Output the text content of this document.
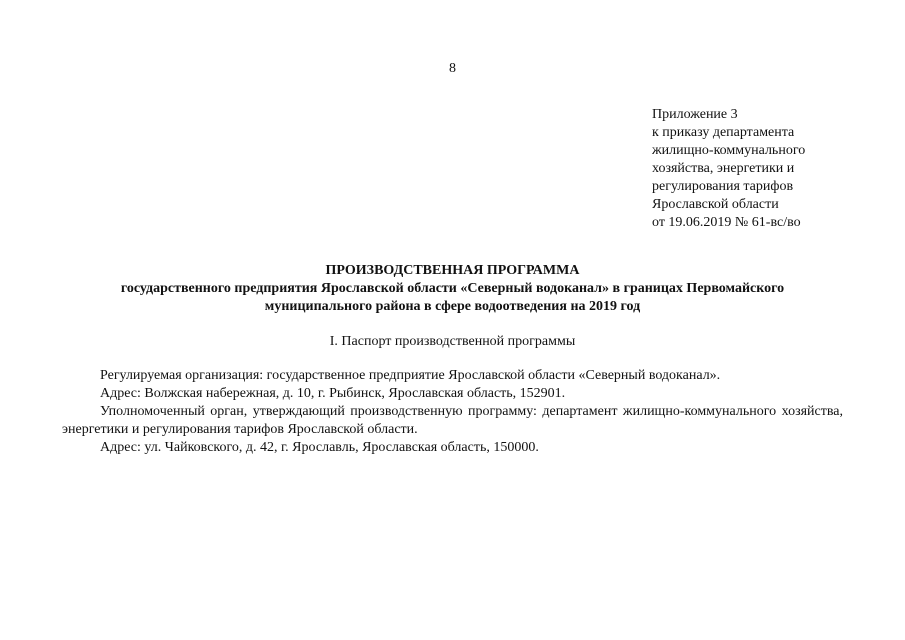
8
Приложение 3
к приказу департамента
жилищно-коммунального
хозяйства, энергетики и
регулирования тарифов
Ярославской области
от 19.06.2019 № 61-вс/во
ПРОИЗВОДСТВЕННАЯ ПРОГРАММА
государственного предприятия Ярославской области «Северный водоканал» в границах Первомайского
муниципального района в сфере водоотведения на 2019 год
I. Паспорт производственной программы
Регулируемая организация: государственное предприятие Ярославской области «Северный водоканал».
Адрес: Волжская набережная, д. 10, г. Рыбинск, Ярославская область, 152901.
Уполномоченный орган, утверждающий производственную программу: департамент жилищно-коммунального хозяйства, энергетики и регулирования тарифов Ярославской области.
Адрес: ул. Чайковского, д. 42, г. Ярославль, Ярославская область, 150000.
